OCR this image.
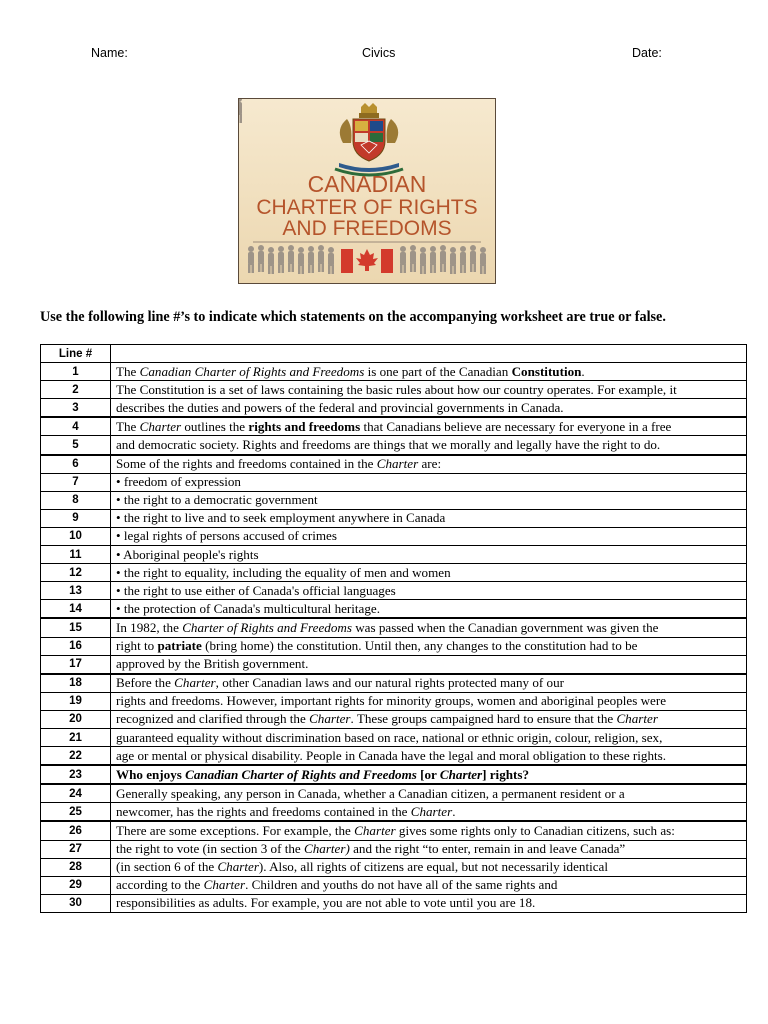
Name:	Civics	Date:
CANADIAN
CHARTER OF RIGHTS
AND FREEDOMS
Use the following line #’s to indicate which statements on the accompanying worksheet are true or false.
Line #	
1	The Canadian Charter of Rights and Freedoms is one part of the Canadian Constitution.
2	The Constitution is a set of laws containing the basic rules about how our country operates. For example, it
3	describes the duties and powers of the federal and provincial governments in Canada.
4	The Charter outlines the rights and freedoms that Canadians believe are necessary for everyone in a free
5	and democratic society. Rights and freedoms are things that we morally and legally have the right to do.
6	Some of the rights and freedoms contained in the Charter are:
7	• freedom of expression
8	• the right to a democratic government
9	• the right to live and to seek employment anywhere in Canada
10	• legal rights of persons accused of crimes
11	• Aboriginal people's rights
12	• the right to equality, including the equality of men and women
13	• the right to use either of Canada's official languages
14	• the protection of Canada's multicultural heritage.
15	In 1982, the Charter of Rights and Freedoms was passed when the Canadian government was given the
16	right to patriate (bring home) the constitution. Until then, any changes to the constitution had to be
17	approved by the British government.
18	Before the Charter, other Canadian laws and our natural rights protected many of our
19	rights and freedoms. However, important rights for minority groups, women and aboriginal peoples were
20	recognized and clarified through the Charter. These groups campaigned hard to ensure that the Charter
21	guaranteed equality without discrimination based on race, national or ethnic origin, colour, religion, sex,
22	age or mental or physical disability. People in Canada have the legal and moral obligation to these rights.
23	Who enjoys Canadian Charter of Rights and Freedoms [or Charter] rights?
24	Generally speaking, any person in Canada, whether a Canadian citizen, a permanent resident or a
25	newcomer, has the rights and freedoms contained in the Charter.
26	There are some exceptions. For example, the Charter gives some rights only to Canadian citizens, such as:
27	the right to vote (in section 3 of the Charter) and the right “to enter, remain in and leave Canada”
28	(in section 6 of the Charter). Also, all rights of citizens are equal, but not necessarily identical
29	according to the Charter. Children and youths do not have all of the same rights and
30	responsibilities as adults. For example, you are not able to vote until you are 18.
